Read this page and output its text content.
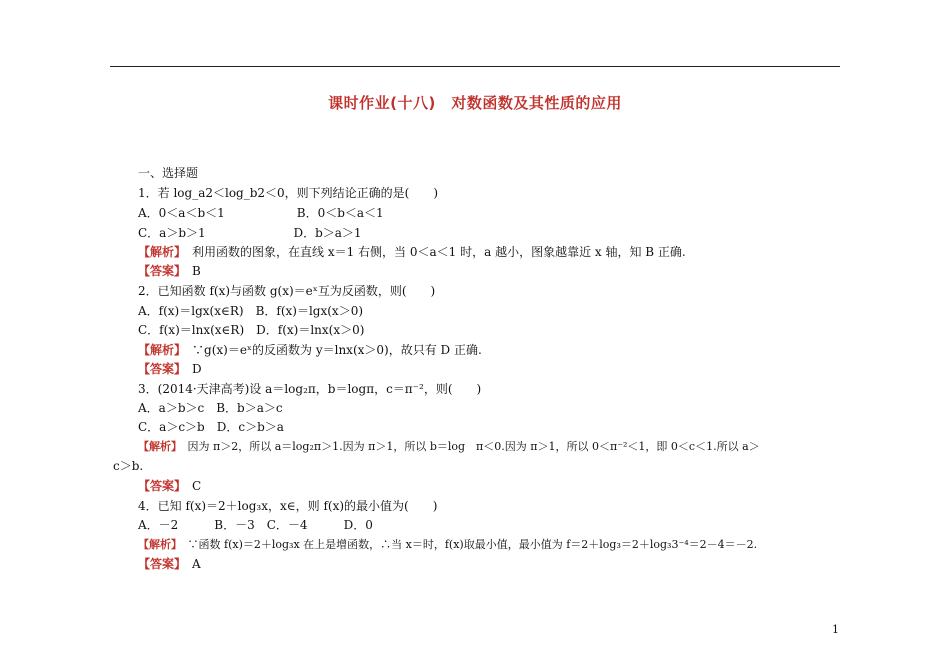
课时作业(十八)　对数函数及其性质的应用
一、选择题
1．若 log_a2＜log_b2＜0，则下列结论正确的是(　　)
A．0＜a＜b＜1　　　　　　B．0＜b＜a＜1
C．a＞b＞1　　　　　　　 D．b＞a＞1
【解析】　利用函数的图象，在直线 x＝1 右侧，当 0＜a＜1 时，a 越小，图象越靠近 x 轴，知 B 正确.
【答案】　B
2．已知函数 f(x)与函数 g(x)＝eˣ互为反函数，则(　　)
A．f(x)＝lgx(x∈R)　B．f(x)＝lgx(x＞0)
C．f(x)＝lnx(x∈R)　D．f(x)＝lnx(x＞0)
【解析】　∵g(x)＝eˣ的反函数为 y＝lnx(x＞0)，故只有 D 正确.
【答案】　D
3．(2014·天津高考)设 a＝log₂π，b＝logπ，c＝π⁻²，则(　　)
A．a＞b＞c　B．b＞a＞c
C．a＞c＞b　D．c＞b＞a
【解析】　因为 π＞2，所以 a＝log₂π＞1.因为 π＞1，所以 b＝log　π＜0.因为 π＞1，所以 0＜π⁻²＜1，即 0＜c＜1.所以 a＞
c＞b.
【答案】　C
4．已知 f(x)＝2＋log₃x，x∈，则 f(x)的最小值为(　　)
A．－2　　　B．－3　C．－4　　　D．0
【解析】　∵函数 f(x)＝2＋log₃x 在上是增函数，∴当 x＝时，f(x)取最小值，最小值为 f＝2＋log₃＝2＋log₃3⁻⁴＝2－4＝－2.
【答案】　A
1
